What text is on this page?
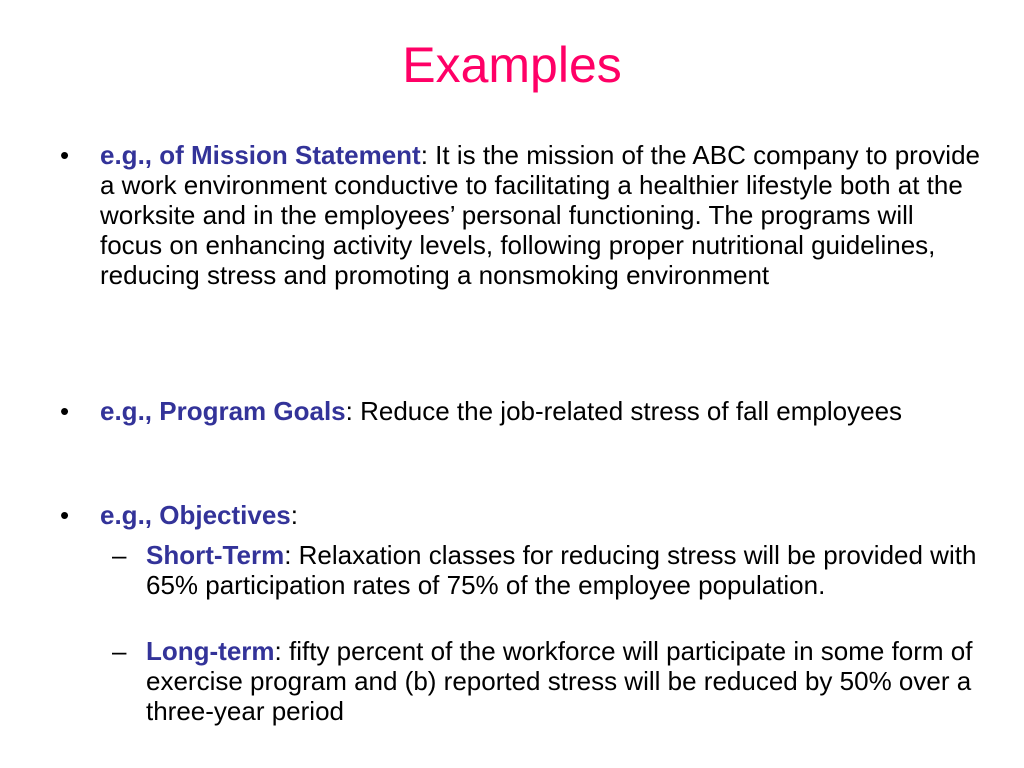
Examples
• e.g., of Mission Statement: It is the mission of the ABC company to provide a work environment conductive to facilitating a healthier lifestyle both at the worksite and in the employees’ personal functioning. The programs will focus on enhancing activity levels, following proper nutritional guidelines, reducing stress and promoting a nonsmoking environment
• e.g., Program Goals: Reduce the job-related stress of fall employees
• e.g., Objectives:
– Short-Term: Relaxation classes for reducing stress will be provided with 65% participation rates of 75% of the employee population.
– Long-term: fifty percent of the workforce will participate in some form of exercise program and (b) reported stress will be reduced by 50% over a three-year period
